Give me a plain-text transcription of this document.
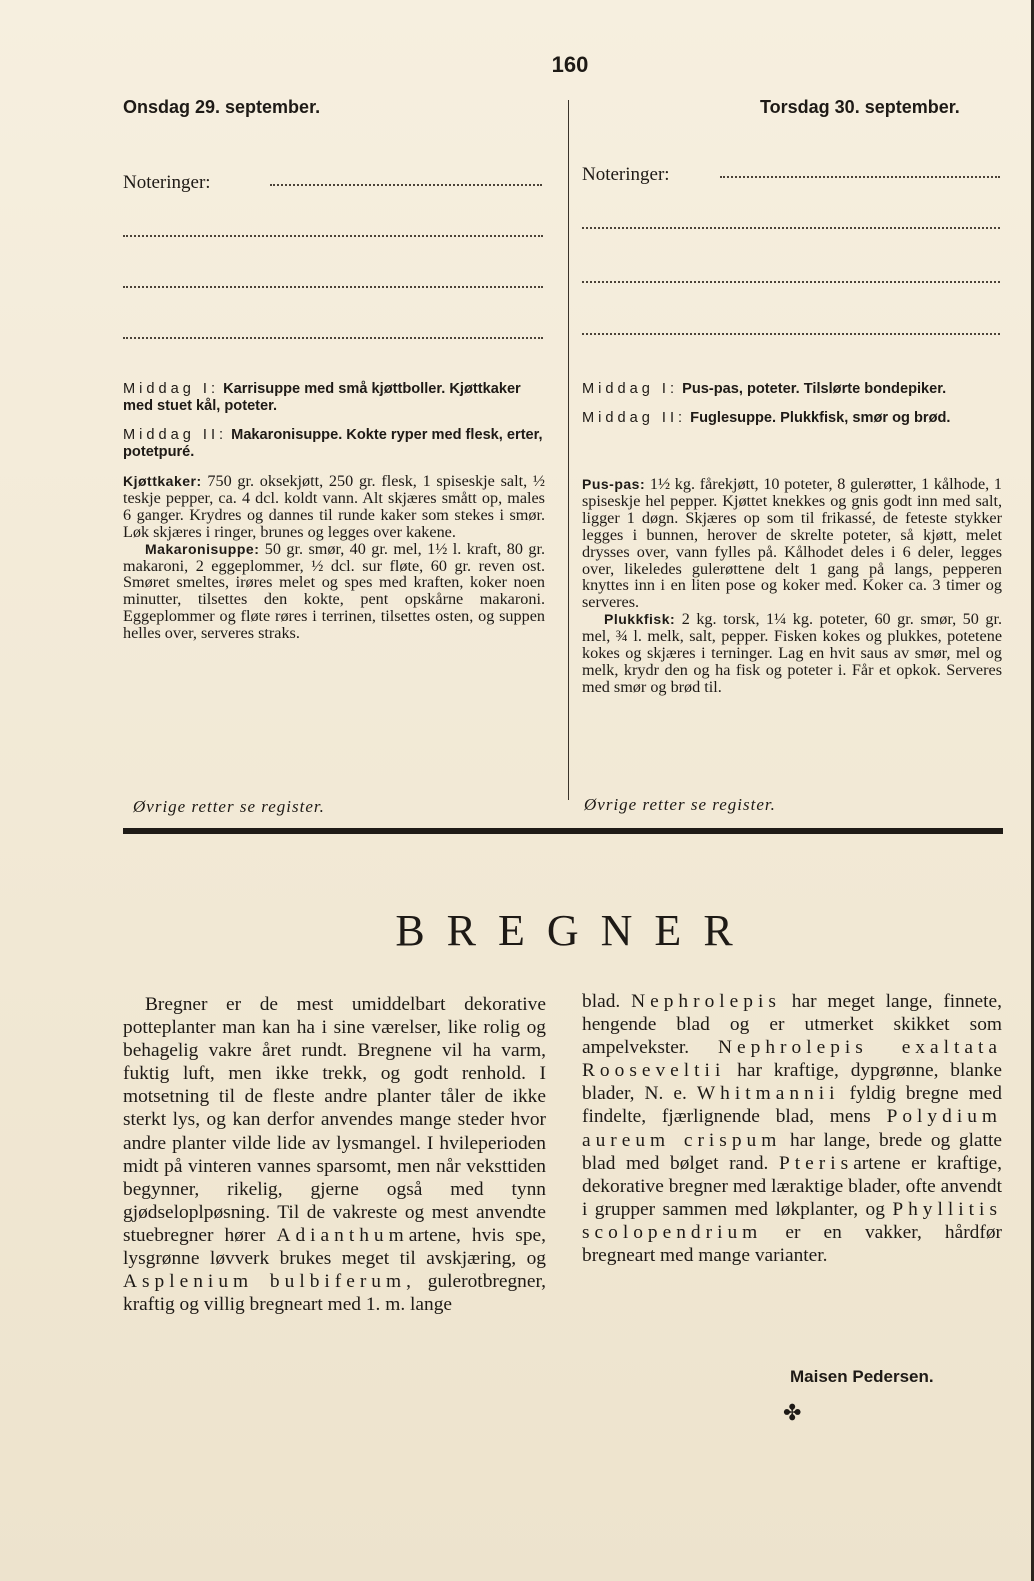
160
Onsdag 29. september.	Torsdag 30. september.
Noteringer:	Noteringer:

Middag I: Karrisuppe med små kjøttboller. Kjøttkaker med stuet kål, poteter.

Middag II: Makaronisuppe. Kokte ryper med flesk, erter, potetpuré.

Kjøttkaker: 750 gr. oksekjøtt, 250 gr. flesk, 1 spiseskje salt, ½ teskje pepper, ca. 4 dcl. koldt vann. Alt skjæres smått op, males 6 ganger. Krydres og dannes til runde kaker som stekes i smør. Løk skjæres i ringer, brunes og legges over kakene.

Makaronisuppe: 50 gr. smør, 40 gr. mel, 1½ l. kraft, 80 gr. makaroni, 2 eggeplommer, ½ dcl. sur fløte, 60 gr. reven ost. Smøret smeltes, irøres melet og spes med kraften, koker noen minutter, tilsettes den kokte, pent opskårne makaroni. Eggeplommer og fløte røres i terrinen, tilsettes osten, og suppen helles over, serveres straks.

Øvrige retter se register.

Middag I: Pus-pas, poteter. Tilslørte bondepiker.

Middag II: Fuglesuppe. Plukkfisk, smør og brød.

Pus-pas: 1½ kg. fårekjøtt, 10 poteter, 8 gulerøtter, 1 kålhode, 1 spiseskje hel pepper. Kjøttet knekkes og gnis godt inn med salt, ligger 1 døgn. Skjæres op som til frikassé, de feteste stykker legges i bunnen, herover de skrelte poteter, så kjøtt, melet drysses over, vann fylles på. Kålhodet deles i 6 deler, legges over, likeledes gulerøttene delt 1 gang på langs, pepperen knyttes inn i en liten pose og koker med. Koker ca. 3 timer og serveres.

Plukkfisk: 2 kg. torsk, 1¼ kg. poteter, 60 gr. smør, 50 gr. mel, ¾ l. melk, salt, pepper. Fisken kokes og plukkes, potetene kokes og skjæres i terninger. Lag en hvit saus av smør, mel og melk, krydr den og ha fisk og poteter i. Får et opkok. Serveres med smør og brød til.

Øvrige retter se register.
BREGNER

Bregner er de mest umiddelbart dekorative potteplanter man kan ha i sine værelser, like rolig og behagelig vakre året rundt. Bregnene vil ha varm, fuktig luft, men ikke trekk, og godt renhold. I motsetning til de fleste andre planter tåler de ikke sterkt lys, og kan derfor anvendes mange steder hvor andre planter vilde lide av lysmangel. I hvileperioden midt på vinteren vannes sparsomt, men når veksttiden begynner, rikelig, gjerne også med tynn gjødseloplpøsning. Til de vakreste og mest anvendte stuebregner hører Adianthumartene, hvis spe, lysgrønne løvverk brukes meget til avskjæring, og Asplenium bulbiferum, gulerotbregner, kraftig og villig bregneart med 1. m. lange

blad. Nephrolepis har meget lange, finnete, hengende blad og er utmerket skikket som ampelvekster. Nephrolepis exaltata Rooseveltii har kraftige, dypgrønne, blanke blader, N. e. Whitmannii fyldig bregne med findelte, fjærlignende blad, mens Polydium aureum crispum har lange, brede og glatte blad med bølget rand. Pterisartene er kraftige, dekorative bregner med læraktige blader, ofte anvendt i grupper sammen med løkplanter, og Phyllitis scolopendrium er en vakker, hårdfør bregneart med mange varianter.

Maisen Pedersen.
✤
